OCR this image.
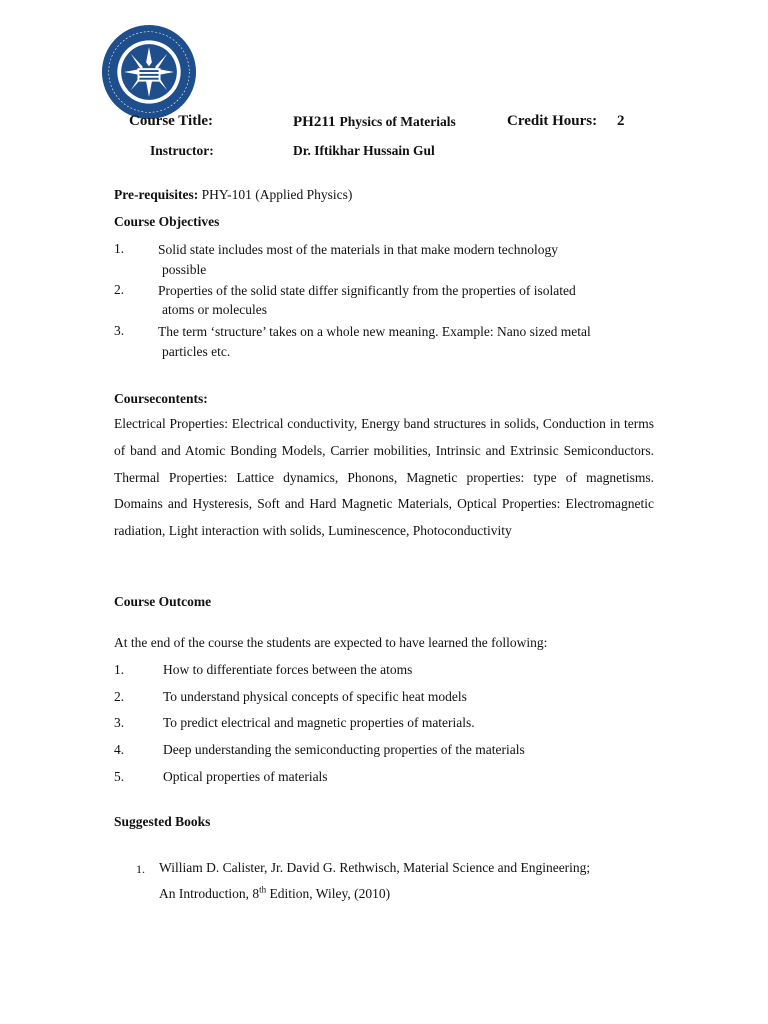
Course Title:	PH211 Physics of Materials	Credit Hours: 2
Instructor:	Dr. Iftikhar Hussain Gul
Pre-requisites: PHY-101 (Applied Physics)
Course Objectives
1.	Solid state includes most of the materials in that make modern technology
possible
2.	Properties of the solid state differ significantly from the properties of isolated
atoms or molecules
3.	The term ‘structure’ takes on a whole new meaning. Example: Nano sized metal
particles etc.
Coursecontents:
Electrical Properties: Electrical conductivity, Energy band structures in solids, Conduction in terms of band and Atomic Bonding Models, Carrier mobilities, Intrinsic and Extrinsic Semiconductors. Thermal Properties: Lattice dynamics, Phonons, Magnetic properties: type of magnetisms. Domains and Hysteresis, Soft and Hard Magnetic Materials, Optical Properties: Electromagnetic radiation, Light interaction with solids, Luminescence, Photoconductivity
Course Outcome
At the end of the course the students are expected to have learned the following:
1.	How to differentiate forces between the atoms
2.	To understand physical concepts of specific heat models
3.	To predict electrical and magnetic properties of materials.
4.	Deep understanding the semiconducting properties of the materials
5.	Optical properties of materials
Suggested Books
1. William D. Calister, Jr. David G. Rethwisch, Material Science and Engineering;
An Introduction, 8th Edition, Wiley, (2010)
